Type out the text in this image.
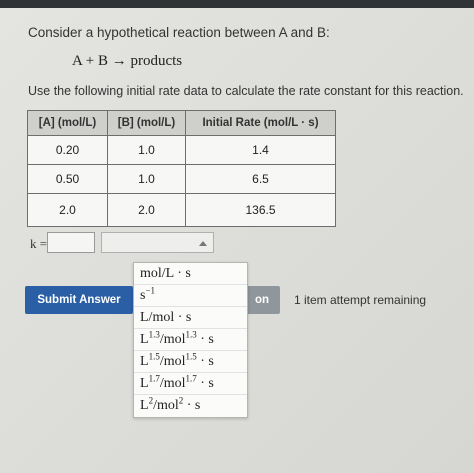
Consider a hypothetical reaction between A and B:
A + B → products
Use the following initial rate data to calculate the rate constant for this reaction.
[A] (mol/L)	[B] (mol/L)	Initial Rate (mol/L · s)
0.20	1.0	1.4
0.50	1.0	6.5
2.0	2.0	136.5
k =
Submit Answer	on	1 item attempt remaining
mol/L · s
$s^{-1}$
L/mol · s
$L^{1.3}/mol^{1.3} \cdot s$
$L^{1.5}/mol^{1.5} \cdot s$
$L^{1.7}/mol^{1.7} \cdot s$
$L^2/mol^2 \cdot s$
